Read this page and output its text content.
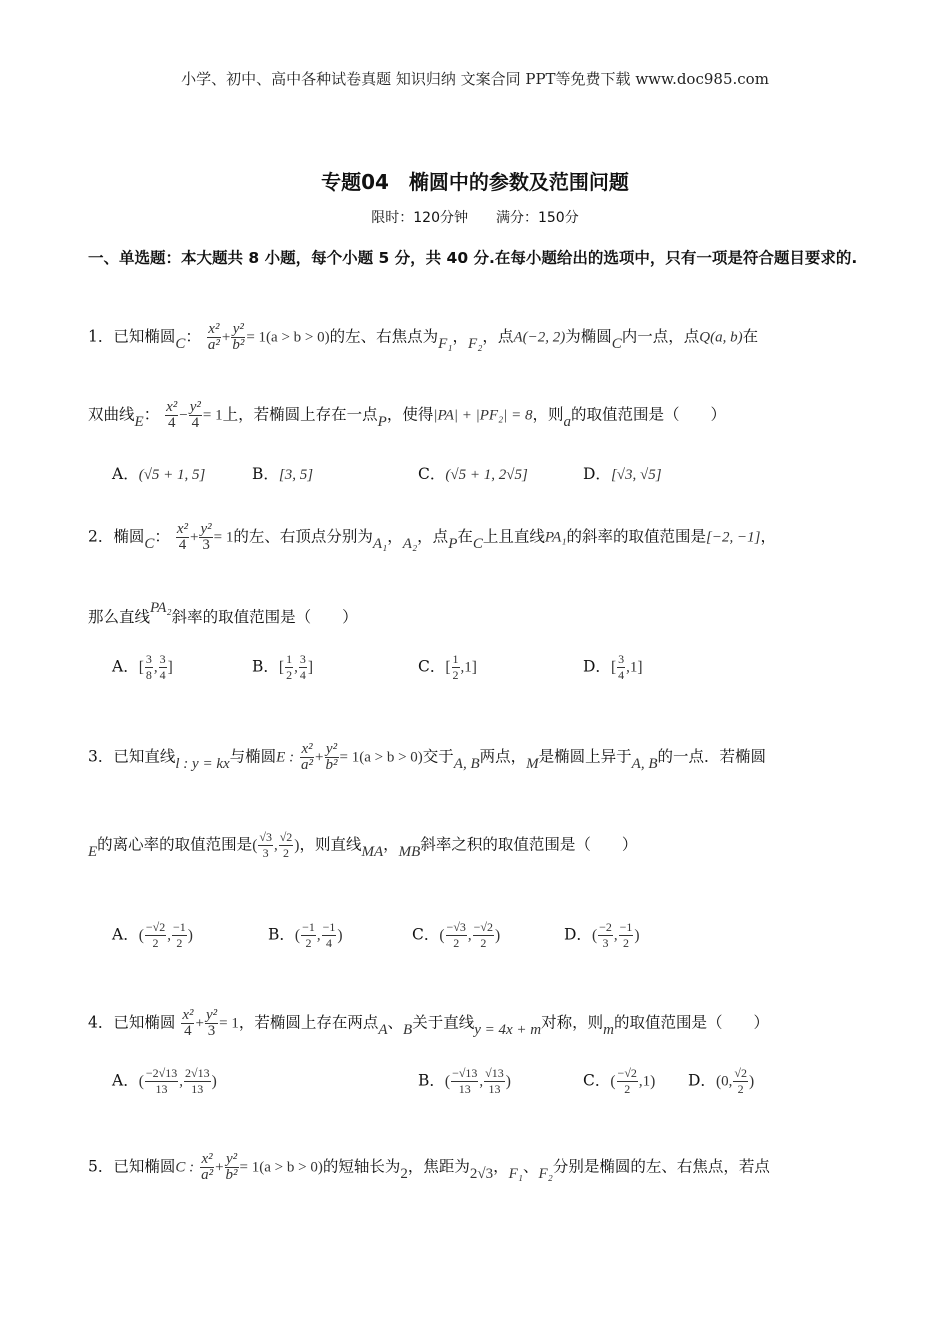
小学、初中、高中各种试卷真题 知识归纳 文案合同 PPT等免费下载 www.doc985.com
专题04　椭圆中的参数及范围问题
限时：120分钟　　满分：150分
一、单选题：本大题共 8 小题，每个小题 5 分，共 40 分.在每小题给出的选项中，只有一项是符合题目要求的.
1．已知椭圆C： $\frac{\text{x²}}{\text{a²}} + \frac{\text{y²}}{\text{b²}} = 1(a > b > 0)$的左、右焦点为F₁，F₂，点A(−2, 2)为椭圆C内一点，点Q(a, b)在
双曲线E： $\frac{\text{x²}}{4} - \frac{\text{y²}}{4} = 1$上，若椭圆上存在一点P，使得|PA| + |PF₂| = 8，则a的取值范围是（　　）
A．(√5 + 1, 5]	B．[3, 5]	C．(√5 + 1, 2√5]	D．[√3, √5]
2．椭圆C： $\frac{\text{x²}}{4} + \frac{\text{y²}}{3} = 1$的左、右顶点分别为A₁，A₂，点P在C上且直线PA₁的斜率的取值范围是[−2, −1]，
那么直线PA₂斜率的取值范围是（　　）
A．[ $\frac{3}{8}$ , $\frac{3}{4}$ ]	B．[ $\frac{1}{2}$ , $\frac{3}{4}$ ]	C．[ $\frac{1}{2} ,1$]	D．[ $\frac{3}{4} ,1$]
3．已知直线l : y = kx与椭圆E : $\frac{\text{x²}}{\text{a²}} + \frac{\text{y²}}{\text{b²}} = 1(a > b > 0)$交于A, B两点，M是椭圆上异于A, B的一点．若椭圆
E的离心率的取值范围是( $\frac{√3}{3}$ , $\frac{√2}{2}$ )，则直线MA，MB斜率之积的取值范围是（　　）
A．( $\frac{-√2}{2}$ , $\frac{-1}{2}$ )	B．( $\frac{-1}{2}$ , $\frac{-1}{4}$ )	C．( $\frac{-√3}{2}$ , $\frac{-√2}{2}$ )	D．( $\frac{-2}{3}$ , $\frac{-1}{2}$ )
4．已知椭圆 $\frac{\text{x²}}{4} + \frac{\text{y²}}{3} = 1$，若椭圆上存在两点A、B关于直线y = 4x + m对称，则m的取值范围是（　　）
A．( $\frac{-2√13}{13}$ , $\frac{2√13}{13}$ )	B．( $\frac{-√13}{13}$ , $\frac{√13}{13}$ )	C．( $\frac{-√2}{2} ,1$) D．(0, $\frac{√2}{2}$ )
5．已知椭圆C : $\frac{\text{x²}}{\text{a²}} + \frac{\text{y²}}{\text{b²}} = 1(a > b > 0)$的短轴长为2，焦距为2√3，F₁、F₂分别是椭圆的左、右焦点，若点
